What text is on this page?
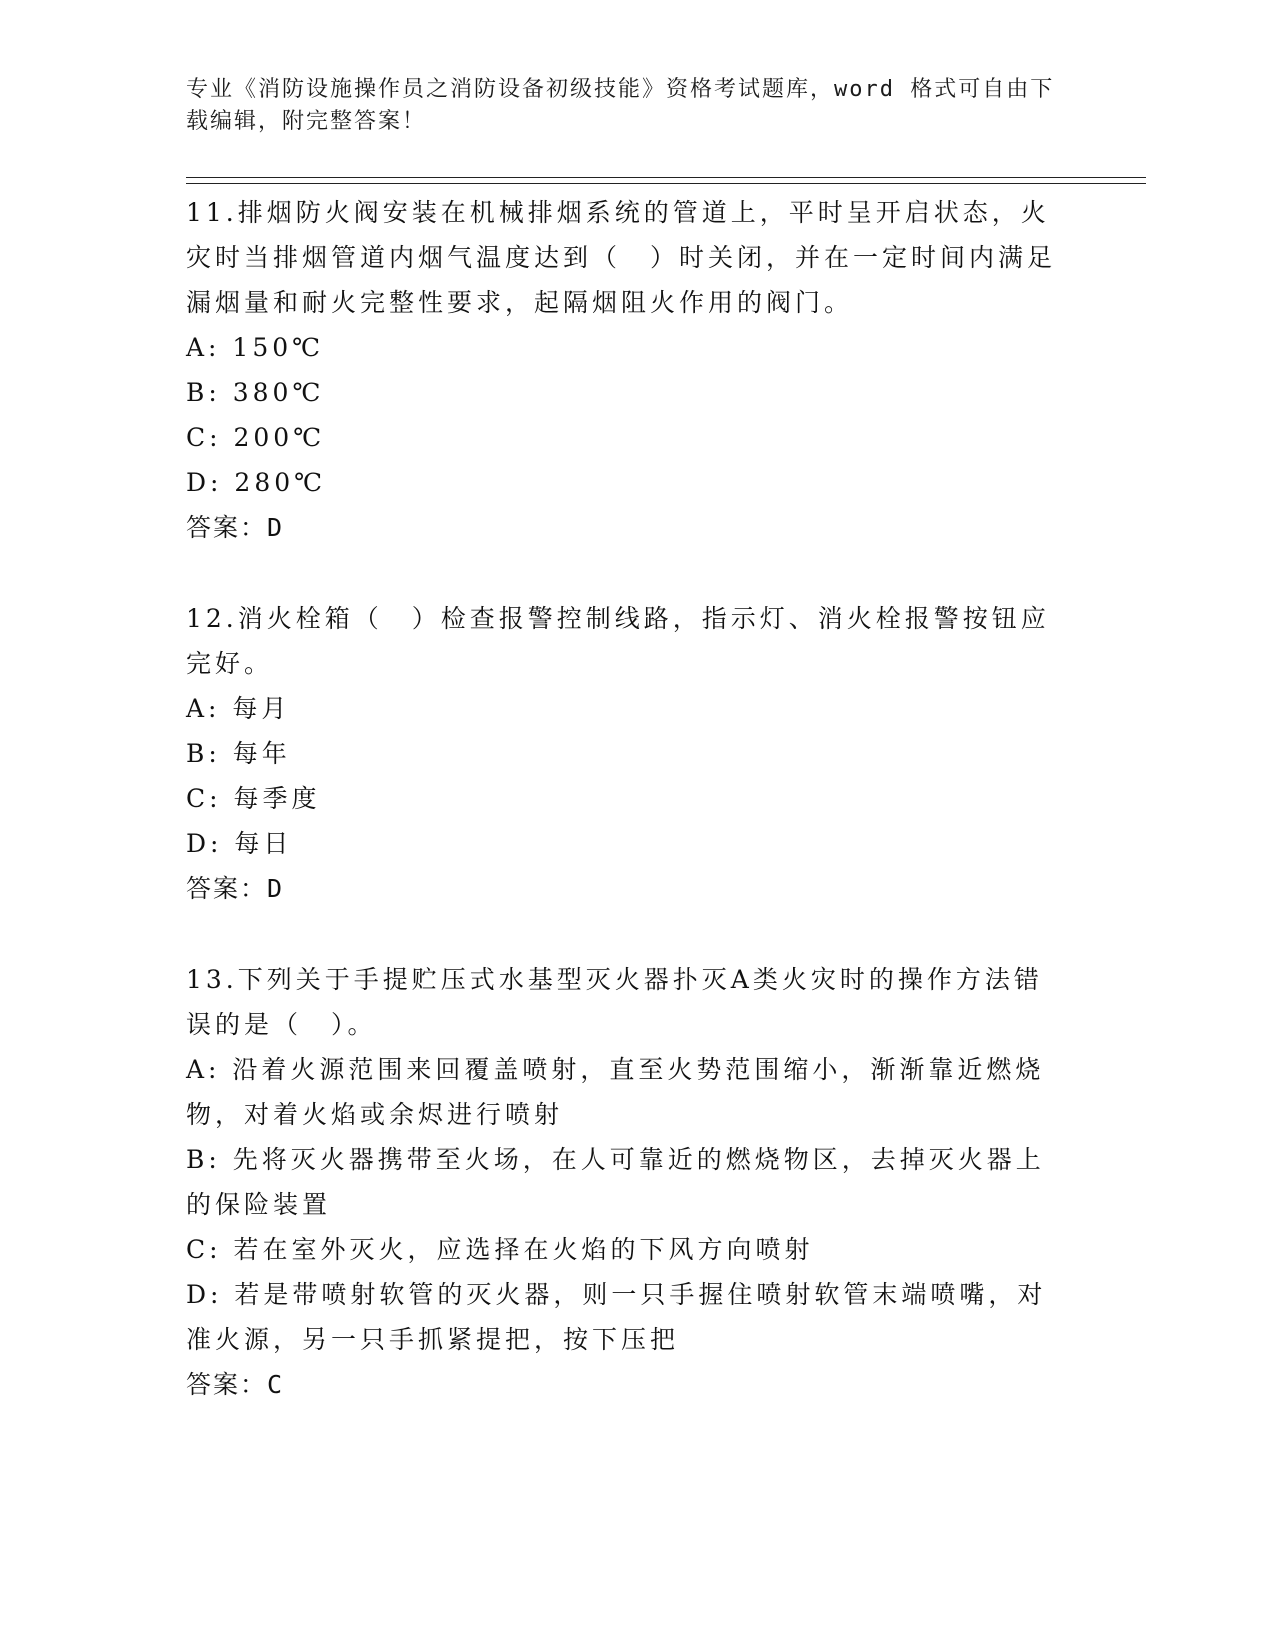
专业《消防设施操作员之消防设备初级技能》资格考试题库，word 格式可自由下载编辑，附完整答案！

11.排烟防火阀安装在机械排烟系统的管道上，平时呈开启状态，火灾时当排烟管道内烟气温度达到（　）时关闭，并在一定时间内满足漏烟量和耐火完整性要求，起隔烟阻火作用的阀门。

A: 150℃

B: 380℃

C: 200℃

D: 280℃

答案：D

12.消火栓箱（　）检查报警控制线路，指示灯、消火栓报警按钮应完好。

A: 每月

B: 每年

C: 每季度

D: 每日

答案：D

13.下列关于手提贮压式水基型灭火器扑灭A类火灾时的操作方法错误的是（　）。

A: 沿着火源范围来回覆盖喷射，直至火势范围缩小，渐渐靠近燃烧物，对着火焰或余烬进行喷射

B: 先将灭火器携带至火场，在人可靠近的燃烧物区，去掉灭火器上的保险装置

C: 若在室外灭火，应选择在火焰的下风方向喷射

D: 若是带喷射软管的灭火器，则一只手握住喷射软管末端喷嘴，对准火源，另一只手抓紧提把，按下压把

答案：C
